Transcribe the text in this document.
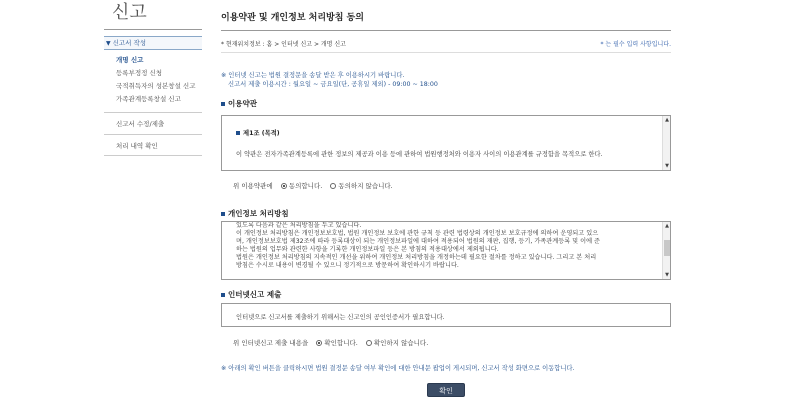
신고
▼ 신고서 작성
개명 신고
등록부정정 신청
국적취득자의 성본창설 신고
가족관계등록창설 신고
신고서 수정/제출
처리 내역 확인
이용약관 및 개인정보 처리방침 동의
* 현재위치정보 : 홈 > 인터넷 신고 > 개명 신고	* 는 필수 입력 사항입니다.
※ 인터넷 신고는 법원 결정문을 송달 받은 후 이용하시기 바랍니다.
신고서 제출 이용시간 : 월요일 ~ 금요일(단, 공휴일 제외) - 09:00 ~ 18:00
이용약관
제1조 (목적)
이 약관은 전자가족관계등록에 관한 정보의 제공과 이용 등에 관하여 법원행정처와 이용자 사이의 이용관계를 규정함을 목적으로 한다.
▲
▼
위 이용약관에 동의합니다. 동의하지 않습니다.
개인정보 처리방침
있도록 다음과 같은 처리방침을 두고 있습니다.
이 개인정보 처리방침은 개인정보보호법, 법원 개인정보 보호에 관한 규칙 등 관련 법령상의 개인정보 보호규정에 의하여 운영되고 있으
며, 개인정보보호법 제32조에 따라 등록대상이 되는 개인정보파일에 대하여 적용되어 법원의 재판, 집행, 등기, 가족관계등록 및 이에 준
하는 법원의 업무와 관련한 사항을 기록한 개인정보파일 등은 본 방침의 적용대상에서 제외됩니다.
법원은 개인정보 처리방침의 지속적인 개선을 위하여 개인정보 처리방침을 개정하는데 필요한 절차를 정하고 있습니다. 그리고 본 처리
방침은 수시로 내용이 변경될 수 있으니 정기적으로 방문하여 확인하시기 바랍니다.
▲
▼
인터넷신고 제출
인터넷으로 신고서를 제출하기 위해서는 신고인의 공인인증서가 필요합니다.
위 인터넷신고 제출 내용을 확인합니다. 확인하지 않습니다.
※ 아래의 확인 버튼을 클릭하시면 법원 결정문 송달 여부 확인에 대한 안내문 팝업이 게시되며, 신고서 작성 화면으로 이동합니다.
확인
